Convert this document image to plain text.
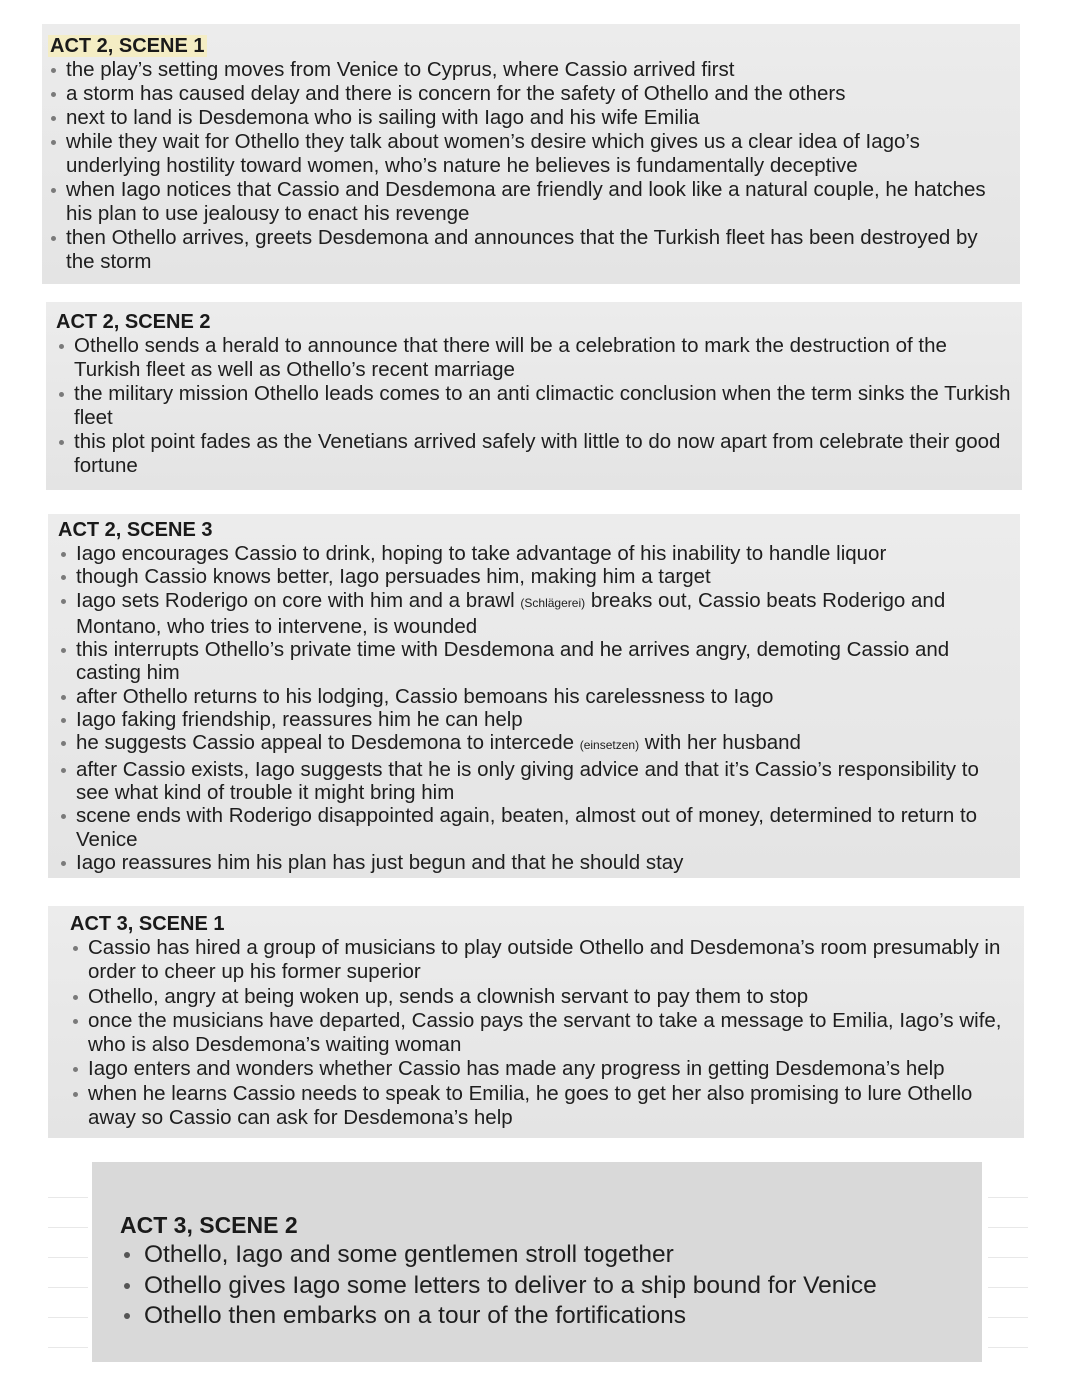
ACT 2, SCENE 1
the play’s setting moves from Venice to Cyprus, where Cassio arrived first
a storm has caused delay and there is concern for the safety of Othello and the others
next to land is Desdemona who is sailing with Iago and his wife Emilia
while they wait for Othello they talk about women’s desire which gives us a clear idea of Iago’s underlying hostility toward women, who’s nature he believes is fundamentally deceptive
when Iago notices that Cassio and Desdemona are friendly and look like a natural couple, he hatches his plan to use jealousy to enact his revenge
then Othello arrives, greets Desdemona and announces that the Turkish fleet has been destroyed by the storm
ACT 2, SCENE 2
Othello sends a herald to announce that there will be a celebration to mark the destruction of the Turkish fleet as well as Othello’s recent marriage
the military mission Othello leads comes to an anti climactic conclusion when the term sinks the Turkish fleet
this plot point fades as the Venetians arrived safely with little to do now apart from celebrate their good fortune
ACT 2, SCENE 3
Iago encourages Cassio to drink, hoping to take advantage of his inability to handle liquor
though Cassio knows better, Iago persuades him, making him a target
Iago sets Roderigo on core with him and a brawl (Schlägerei) breaks out, Cassio beats Roderigo and Montano, who tries to intervene, is wounded
this interrupts Othello’s private time with Desdemona and he arrives angry, demoting Cassio and casting him
after Othello returns to his lodging, Cassio bemoans his carelessness to Iago
Iago faking friendship, reassures him he can help
he suggests Cassio appeal to Desdemona to intercede (einsetzen) with her husband
after Cassio exists, Iago suggests that he is only giving advice and that it’s Cassio’s responsibility to see what kind of trouble it might bring him
scene ends with Roderigo disappointed again, beaten, almost out of money, determined to return to Venice
Iago reassures him his plan has just begun and that he should stay
ACT 3, SCENE 1
Cassio has hired a group of musicians to play outside Othello and Desdemona’s room presumably in order to cheer up his former superior
Othello, angry at being woken up, sends a clownish servant to pay them to stop
once the musicians have departed, Cassio pays the servant to take a message to Emilia, Iago’s wife, who is also Desdemona’s waiting woman
Iago enters and wonders whether Cassio has made any progress in getting Desdemona’s help
when he learns Cassio needs to speak to Emilia, he goes to get her also promising to lure Othello away so Cassio can ask for Desdemona’s help
ACT 3, SCENE 2
Othello, Iago and some gentlemen stroll together
Othello gives Iago some letters to deliver to a ship bound for Venice
Othello then embarks on a tour of the fortifications
